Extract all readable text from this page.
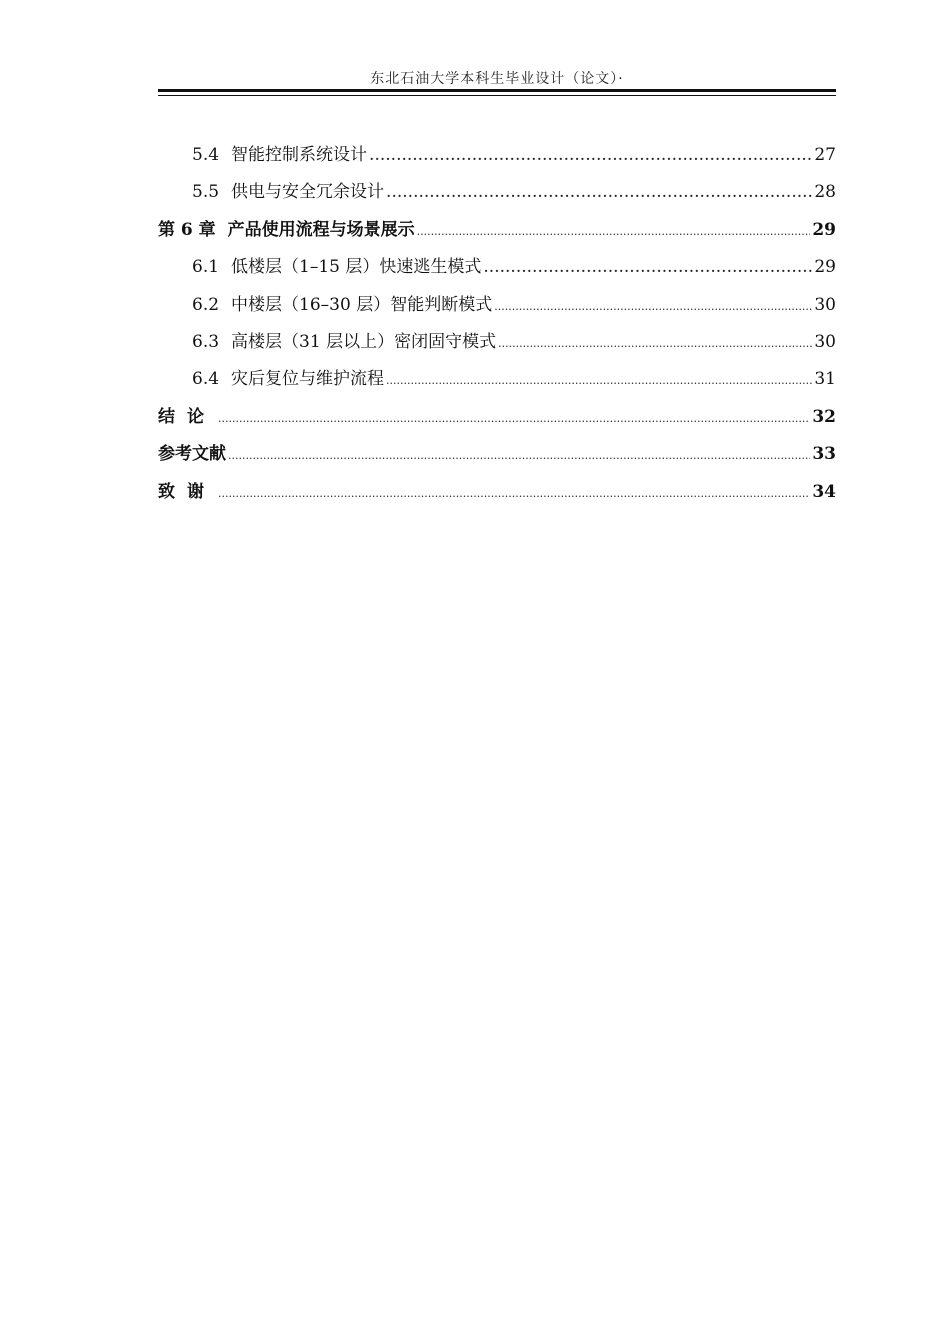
东北石油大学本科生毕业设计（论文）·
5.4 智能控制系统设计 .....	27
5.5 供电与安全冗余设计 .....	28
第 6 章 产品使用流程与场景展示 .....	29
6.1 低楼层（1–15 层）快速逃生模式 .....	29
6.2 中楼层（16–30 层）智能判断模式 .....	30
6.3 高楼层（31 层以上）密闭固守模式 .....	30
6.4 灾后复位与维护流程 .....	31
结论 .....	32
参考文献 .....	33
致谢 .....	34
